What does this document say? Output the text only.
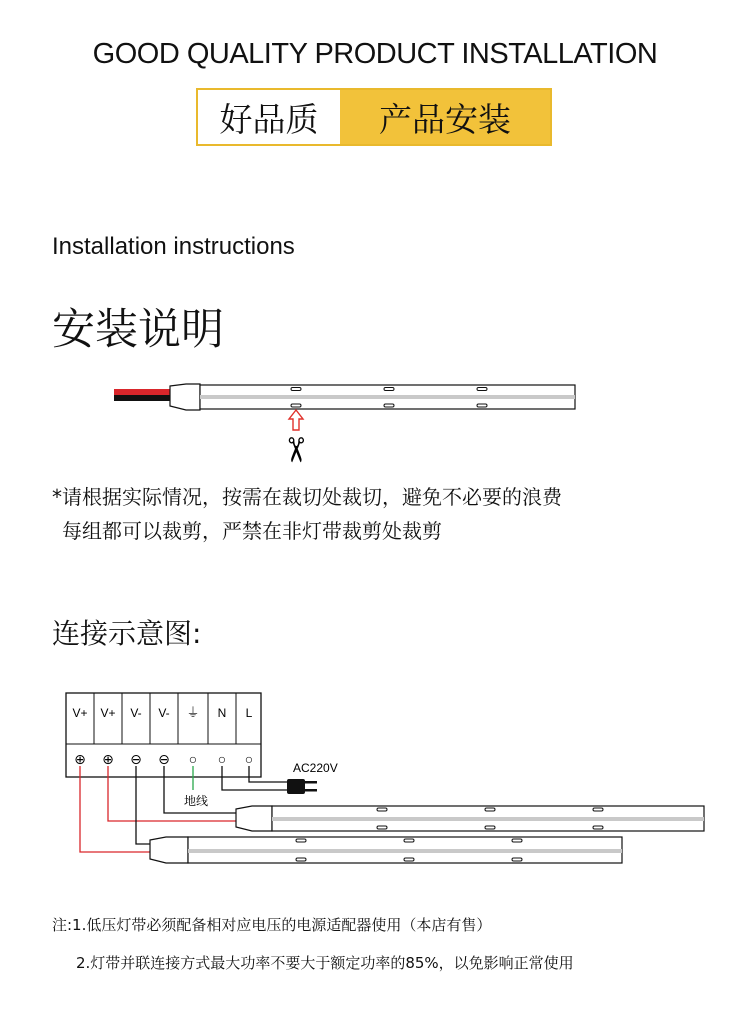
GOOD QUALITY PRODUCT INSTALLATION
好品质	产品安装
Installation instructions
安装说明
✂
*请根据实际情况，按需在裁切处裁切，避免不必要的浪费
每组都可以裁剪，严禁在非灯带裁剪处裁剪
连接示意图:
V+ V+ V- V- ⏚ N L
⊕ ⊕ ⊖ ⊖ ○ ○ ○
地线
AC220V
注:1.低压灯带必须配备相对应电压的电源适配器使用（本店有售）
2.灯带并联连接方式最大功率不要大于额定功率的85%，以免影响正常使用
